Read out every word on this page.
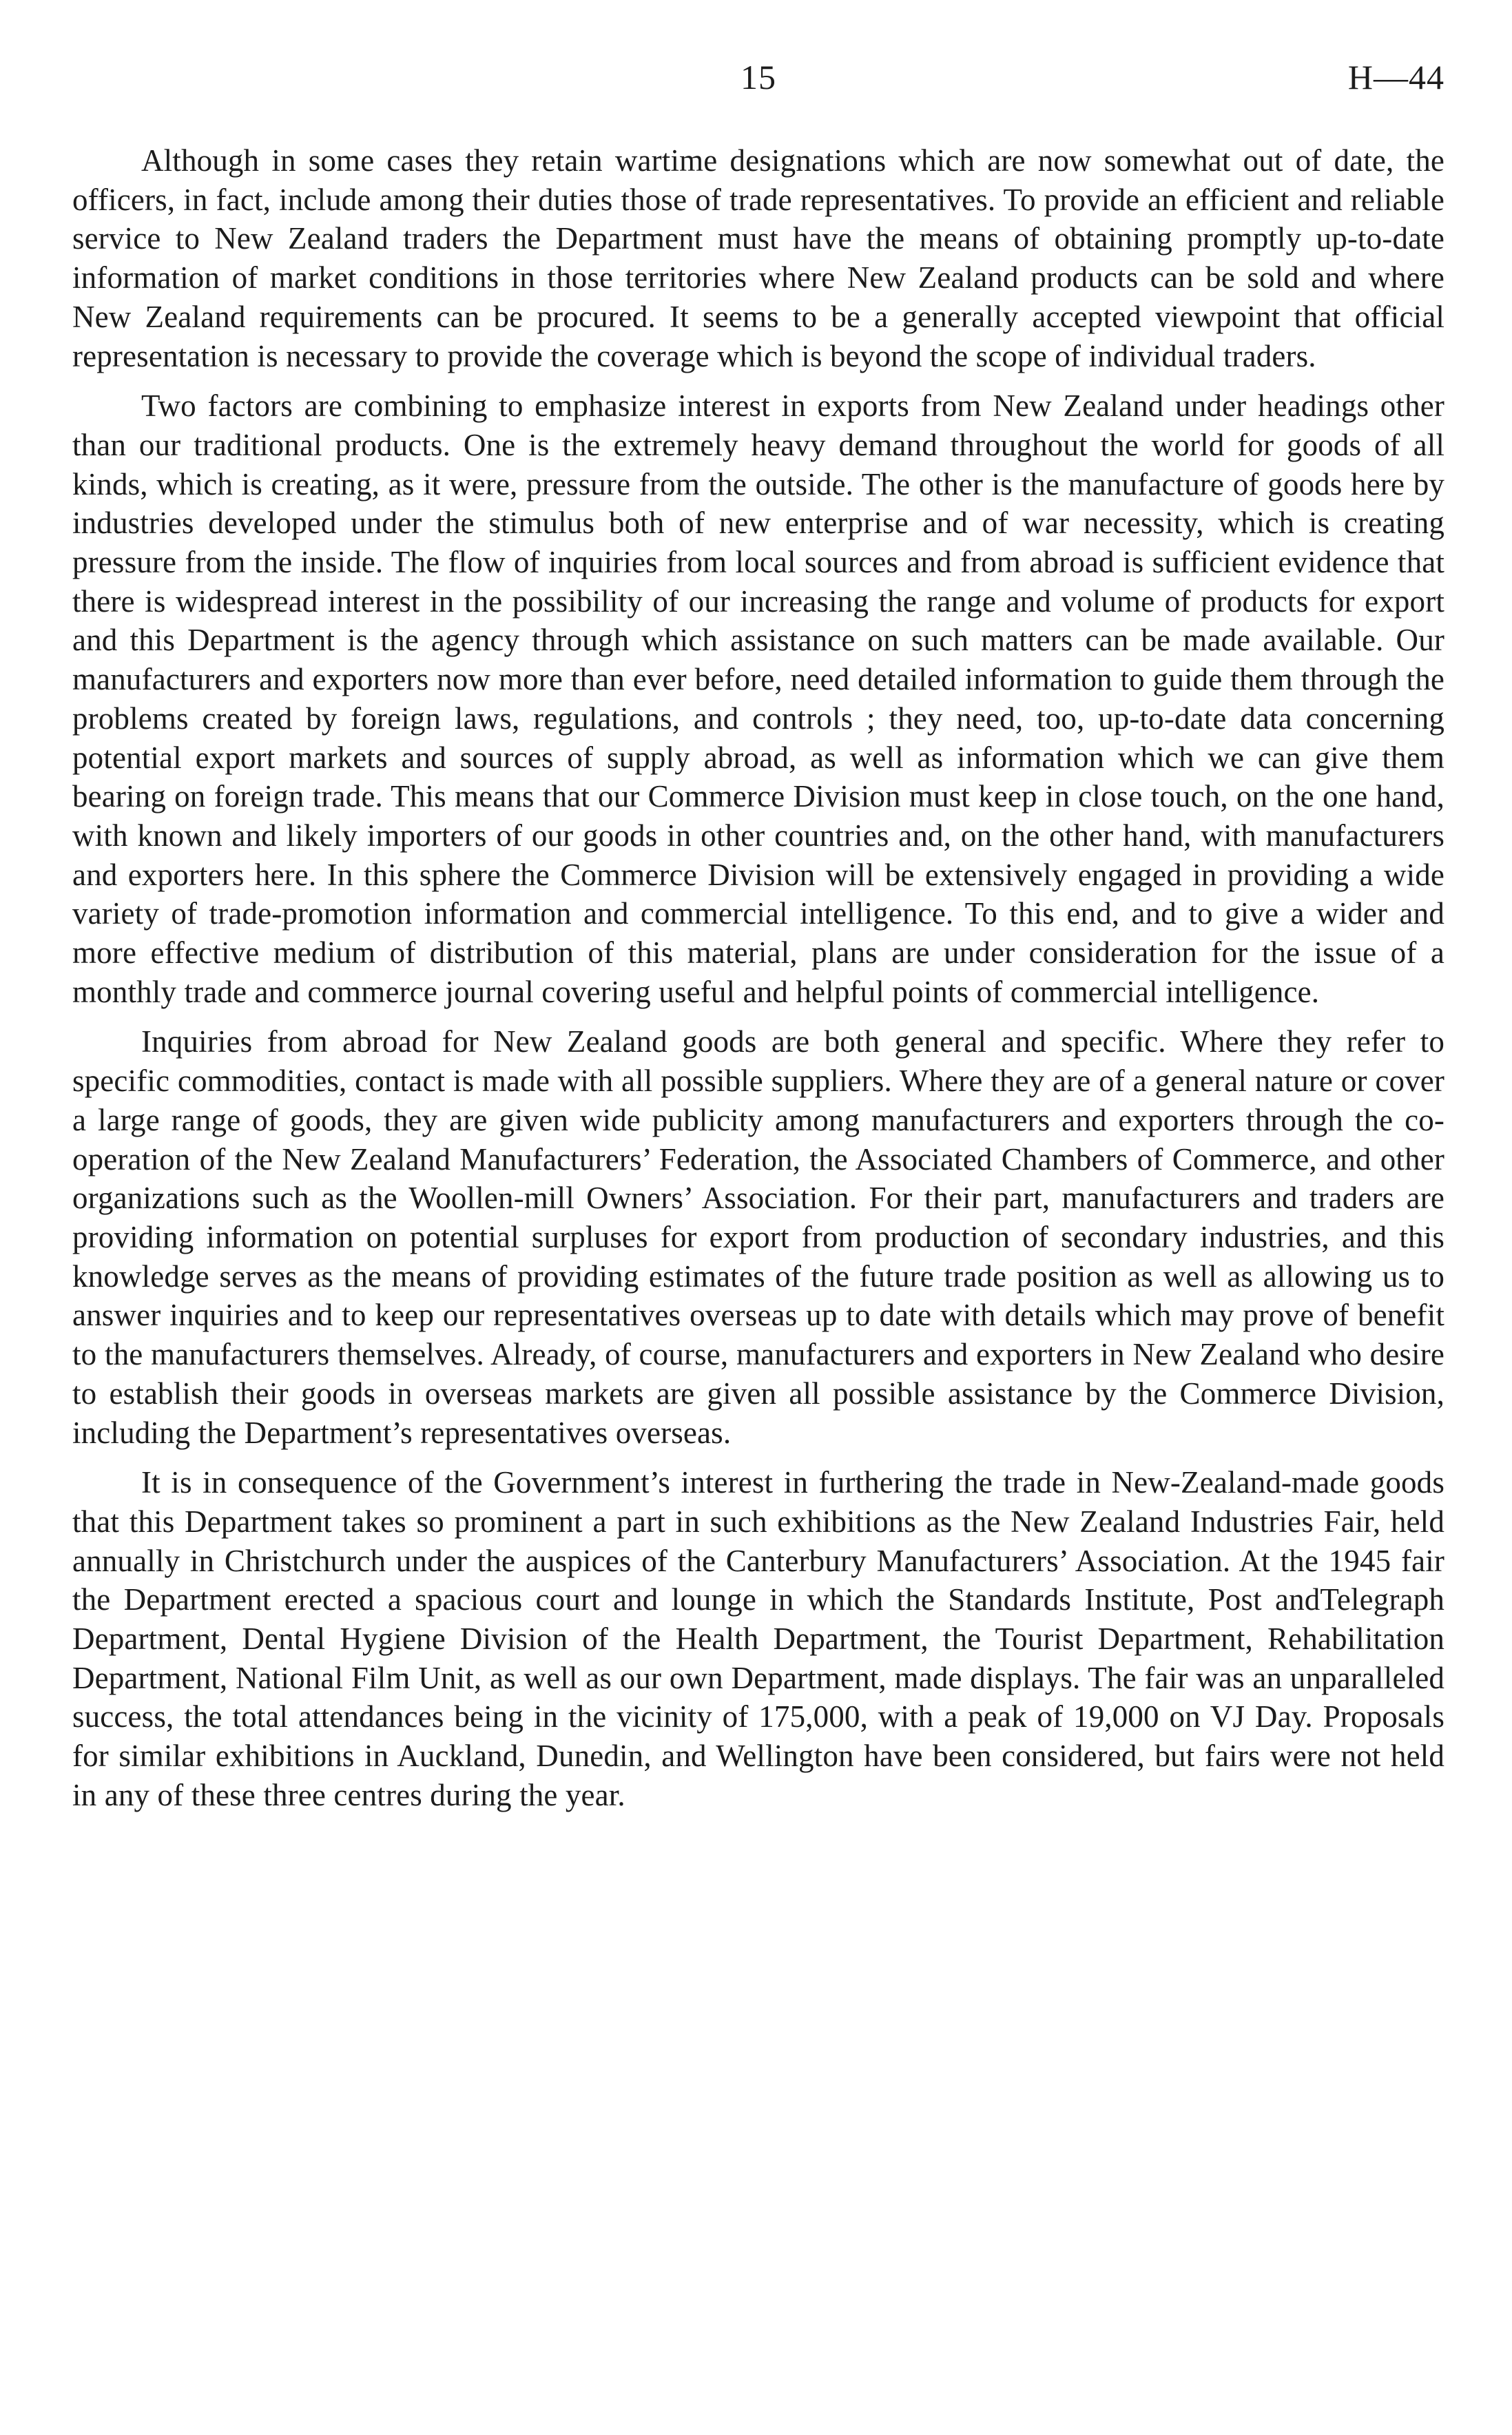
15	H—44

Although in some cases they retain wartime designations which are now somewhat out of date, the officers, in fact, include among their duties those of trade representatives. To provide an efficient and reliable service to New Zealand traders the Department must have the means of obtaining promptly up-to-date information of market conditions in those territories where New Zealand products can be sold and where New Zealand requirements can be procured. It seems to be a generally accepted viewpoint that official representation is necessary to provide the coverage which is beyond the scope of individual traders.

Two factors are combining to emphasize interest in exports from New Zealand under headings other than our traditional products. One is the extremely heavy demand throughout the world for goods of all kinds, which is creating, as it were, pressure from the outside. The other is the manufacture of goods here by industries developed under the stimulus both of new enterprise and of war necessity, which is creating pressure from the inside. The flow of inquiries from local sources and from abroad is sufficient evidence that there is widespread interest in the possibility of our increasing the range and volume of products for export and this Department is the agency through which assistance on such matters can be made available. Our manufacturers and exporters now more than ever before, need detailed information to guide them through the problems created by foreign laws, regulations, and controls ; they need, too, up-to-date data concerning potential export markets and sources of supply abroad, as well as information which we can give them bearing on foreign trade. This means that our Commerce Division must keep in close touch, on the one hand, with known and likely importers of our goods in other countries and, on the other hand, with manufacturers and exporters here. In this sphere the Commerce Division will be extensively engaged in providing a wide variety of trade-promotion information and commercial intelligence. To this end, and to give a wider and more effective medium of distribution of this material, plans are under consideration for the issue of a monthly trade and commerce journal covering useful and helpful points of commercial intelligence.

Inquiries from abroad for New Zealand goods are both general and specific. Where they refer to specific commodities, contact is made with all possible suppliers. Where they are of a general nature or cover a large range of goods, they are given wide publicity among manufacturers and exporters through the co-operation of the New Zealand Manufacturers’ Federation, the Associated Chambers of Commerce, and other organizations such as the Woollen-mill Owners’ Association. For their part, manufacturers and traders are providing information on potential surpluses for export from production of secondary industries, and this knowledge serves as the means of providing estimates of the future trade position as well as allowing us to answer inquiries and to keep our representatives overseas up to date with details which may prove of benefit to the manufacturers themselves. Already, of course, manufacturers and exporters in New Zealand who desire to establish their goods in overseas markets are given all possible assistance by the Commerce Division, including the Department’s representatives overseas.

It is in consequence of the Government’s interest in furthering the trade in New-Zealand-made goods that this Department takes so prominent a part in such exhibitions as the New Zealand Industries Fair, held annually in Christchurch under the auspices of the Canterbury Manufacturers’ Association. At the 1945 fair the Department erected a spacious court and lounge in which the Standards Institute, Post andTelegraph Department, Dental Hygiene Division of the Health Department, the Tourist Department, Rehabilitation Department, National Film Unit, as well as our own Department, made displays. The fair was an unparalleled success, the total attendances being in the vicinity of 175,000, with a peak of 19,000 on VJ Day. Proposals for similar exhibitions in Auckland, Dunedin, and Wellington have been considered, but fairs were not held in any of these three centres during the year.
